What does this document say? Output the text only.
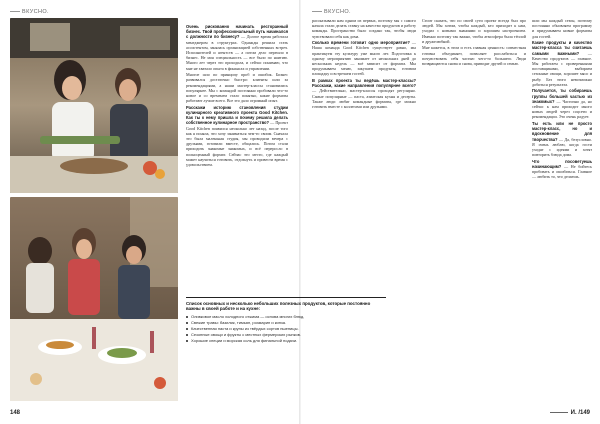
ВКУСНО.

Очень рискованно начинать ресторанный бизнес. Твой профессиональный путь начинался с должности по бизнесу? — Долгое время работала менеджером в структурах. Однажды решила стать ассистентом, занялась организацией собственных встреч. Исполнителей и агентств — а потом дело перешло в бизнес. Не моя специальность — все было по наитию. Много лет через это проходила, и сейчас понимаю, что мне не хватало опыта в финансах и управлении.

Многое шло по принципу проб и ошибок. Бизнес развивался достаточно быстро: клиенты шли за рекомендациями, а наши мастер-классы становились популярнее. Мы с командой постоянно пробовали что-то новое и со временем стало понятно, какие форматы работают лучше всего. Все это дало огромный опыт.

Расскажи историю становления студии кулинарного креативного проекта Good Kitchen. Как ты к нему пришла и почему решила делать собственное кулинарное пространство? — Проект Good Kitchen появился несколько лет назад, после того как я поняла, что хочу заниматься чем-то своим. Сначала это была маленькая студия, мы проводили вечера с друзьями, готовили вместе, общались. Потом стали приходить знакомые знакомых, и всё переросло в полноценный формат. Сейчас это место, где каждый может научиться готовить, отдохнуть и провести время с удовольствием.

148
ВКУСНО.

рассказывали нам одним из первых, поэтому мы с самого начала стали делать ставку на качество продуктов и работу команды. Пространство было создано так, чтобы люди чувствовали себя как дома.

Сколько времени готовит одно мероприятие? — Наша команда Good Kitchen существует давно, мы практикуем эту культуру уже много лет. Подготовка к одному мероприятию занимает от нескольких дней до нескольких недель — всё зависит от формата. Мы продумываем меню, закупаем продукты, готовим площадку и встречаем гостей.

В рамках проекта ты ведёшь мастер-классы? Расскажи, какие направления популярнее всего? — Действительно, мастер-классы проходят регулярно. Самые популярные — паста, азиатская кухня и десерты. Также люди любят командные форматы, где можно готовить вместе с коллегами или друзьями.

Стоит сказать, что по своей сути проект всегда был про людей. Мы хотим, чтобы каждый, кто приходит к нам, уходил с новыми знаниями и хорошим настроением. Именно поэтому так важно, чтобы атмосфера была тёплой и дружелюбной.

Мне кажется, в этом и есть главная ценность: совместная готовка объединяет, позволяет расслабиться и почувствовать себя частью чего-то большего. Люди возвращаются снова и снова, приводят друзей и семью.

шли мы каждый сезон, поэтому постоянно обновляем программу и придумываем новые форматы для гостей.

Какие продукты и качество мастер-класса ты считаешь самыми важными? — Качество продуктов — главное. Мы работаем с проверенными поставщиками, выбираем сезонные овощи, хорошее мясо и рыбу. Без этого невозможно добиться результата.

Получается, ты собираешь группы большей частью из знакомых? — Частично да, но сейчас к нам приходит много новых людей через соцсети и рекомендации. Это очень радует.

Ты есть или не просто мастер-класс, но и вдохновение для творчества? — Да, безусловно. Я очень люблю, когда гости уходят с идеями и хотят повторить блюда дома.

Что посоветуешь начинающим? — Не бойтесь пробовать и ошибаться. Главное — любить то, что делаешь.

И. /149
Список основных и несколько небольших полезных продуктов, которые постоянно важны в своей работе и на кухне:
Оливковое масло холодного отжима — основа многих блюд.
Свежие травы: базилик, тимьян, розмарин и кинза.
Качественная паста и крупы из твёрдых сортов пшеницы.
Сезонные овощи и фрукты с местных фермерских рынков.
Хорошие специи и морская соль для финальной подачи.
